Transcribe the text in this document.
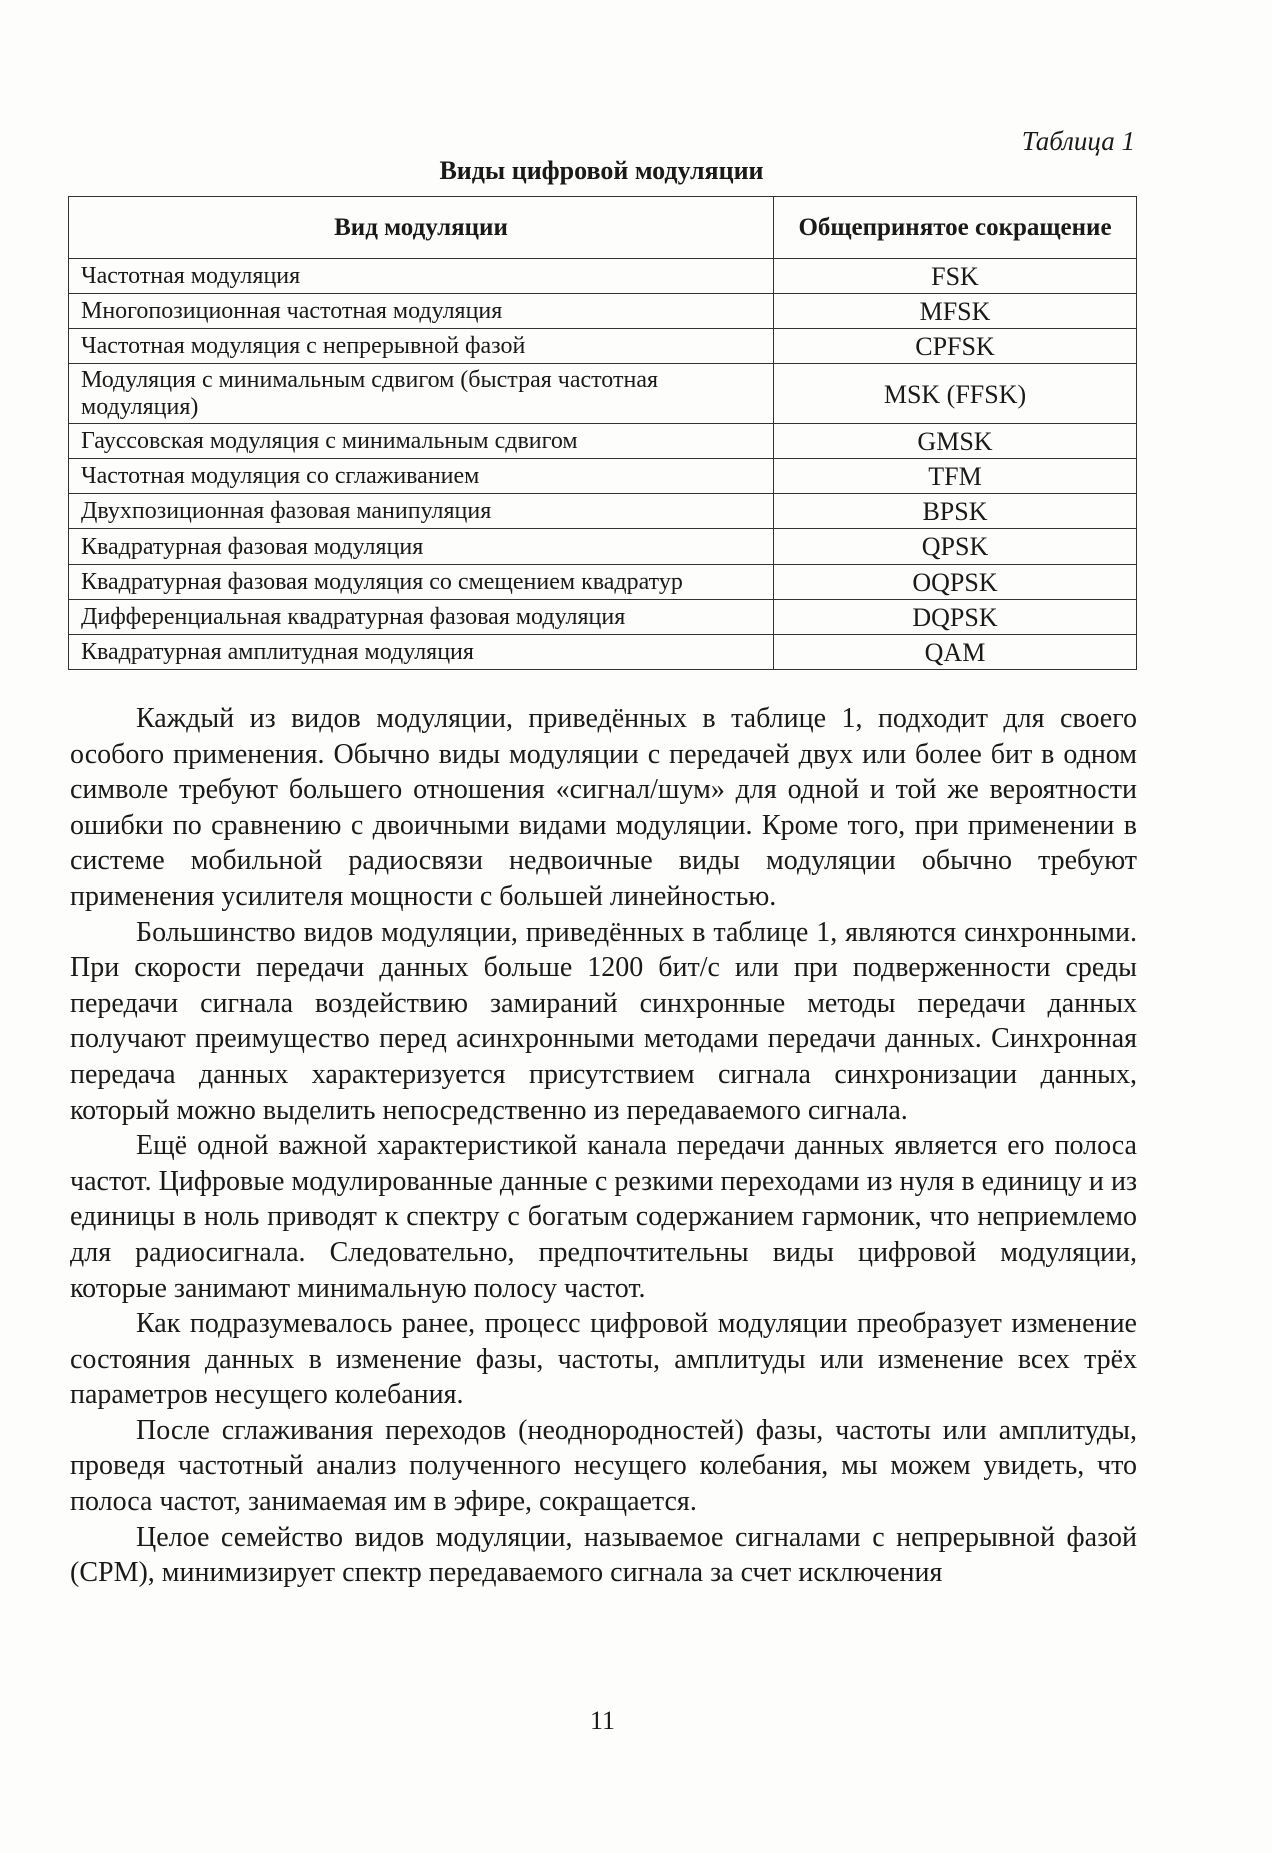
Таблица 1
Виды цифровой модуляции
Вид модуляции	Общепринятое сокращение
Частотная модуляция	FSK
Многопозиционная частотная модуляция	MFSK
Частотная модуляция с непрерывной фазой	CPFSK
Модуляция с минимальным сдвигом (быстрая частотная модуляция)	MSK (FFSK)
Гауссовская модуляция с минимальным сдвигом	GMSK
Частотная модуляция со сглаживанием	TFM
Двухпозиционная фазовая манипуляция	BPSK
Квадратурная фазовая модуляция	QPSK
Квадратурная фазовая модуляция со смещением квадратур	OQPSK
Дифференциальная квадратурная фазовая модуляция	DQPSK
Квадратурная амплитудная модуляция	QAM

Каждый из видов модуляции, приведённых в таблице 1, подходит для своего особого применения. Обычно виды модуляции с передачей двух или более бит в одном символе требуют большего отношения «сигнал/шум» для одной и той же вероятности ошибки по сравнению с двоичными видами модуляции. Кроме того, при применении в системе мобильной радиосвязи недвоичные виды модуляции обычно требуют применения усилителя мощности с большей линейностью.

Большинство видов модуляции, приведённых в таблице 1, являются синхронными. При скорости передачи данных больше 1200 бит/с или при подверженности среды передачи сигнала воздействию замираний синхронные методы передачи данных получают преимущество перед асинхронными методами передачи данных. Синхронная передача данных характеризуется присутствием сигнала синхронизации данных, который можно выделить непосредственно из передаваемого сигнала.

Ещё одной важной характеристикой канала передачи данных является его полоса частот. Цифровые модулированные данные с резкими переходами из нуля в единицу и из единицы в ноль приводят к спектру с богатым содержанием гармоник, что неприемлемо для радиосигнала. Следовательно, предпочтительны виды цифровой модуляции, которые занимают минимальную полосу частот.

Как подразумевалось ранее, процесс цифровой модуляции преобразует изменение состояния данных в изменение фазы, частоты, амплитуды или изменение всех трёх параметров несущего колебания.

После сглаживания переходов (неоднородностей) фазы, частоты или амплитуды, проведя частотный анализ полученного несущего колебания, мы можем увидеть, что полоса частот, занимаемая им в эфире, сокращается.

Целое семейство видов модуляции, называемое сигналами с непрерывной фазой (CPM), минимизирует спектр передаваемого сигнала за счет исключения

11
